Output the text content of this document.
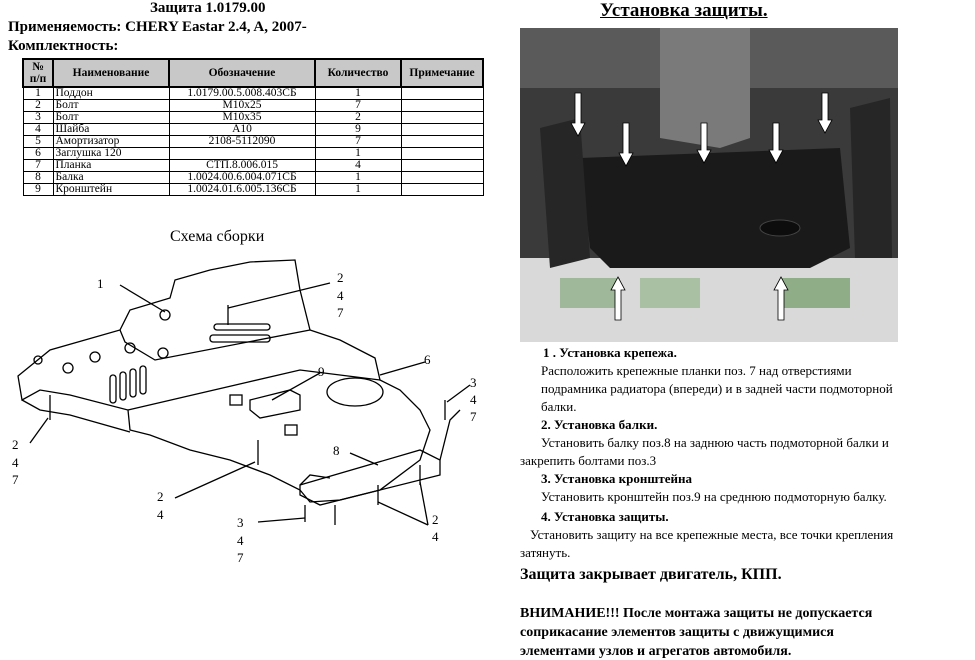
Защита 1.0179.00
Применяемость: CHERY Eastar 2.4, A, 2007-
Комплектность:
№ п/п	Наименование	Обозначение	Количество	Примечание
1	Поддон	1.0179.00.5.008.403СБ	1	
2	Болт	M10x25	7	
3	Болт	M10x35	2	
4	Шайба	A10	9	
5	Амортизатор	2108-5112090	7	
6	Заглушка 120		1	
7	Планка	СТП.8.006.015	4	
8	Балка	1.0024.00.6.004.071СБ	1	
9	Кронштейн	1.0024.01.6.005.136СБ	1	
Схема сборки
1	2
4
7
6
9
3
4
7
8
2
4
7
2
4
3
4
7
2
4
Установка защиты.
1 . Установка крепежа.
Расположить крепежные планки поз. 7 над отверстиями
подрамника радиатора (впереди) и в задней части подмоторной
балки.
2. Установка балки.
Установить балку поз.8 на заднюю часть подмоторной балки и
закрепить болтами поз.3
3. Установка кронштейна
Установить кронштейн поз.9 на среднюю подмоторную балку.
4. Установка защиты.
Установить защиту на все крепежные места, все точки крепления
затянуть.
Защита закрывает двигатель, КПП.
ВНИМАНИЕ!!! После монтажа защиты не допускается
соприкасание элементов защиты с движущимися
элементами узлов и агрегатов автомобиля.
